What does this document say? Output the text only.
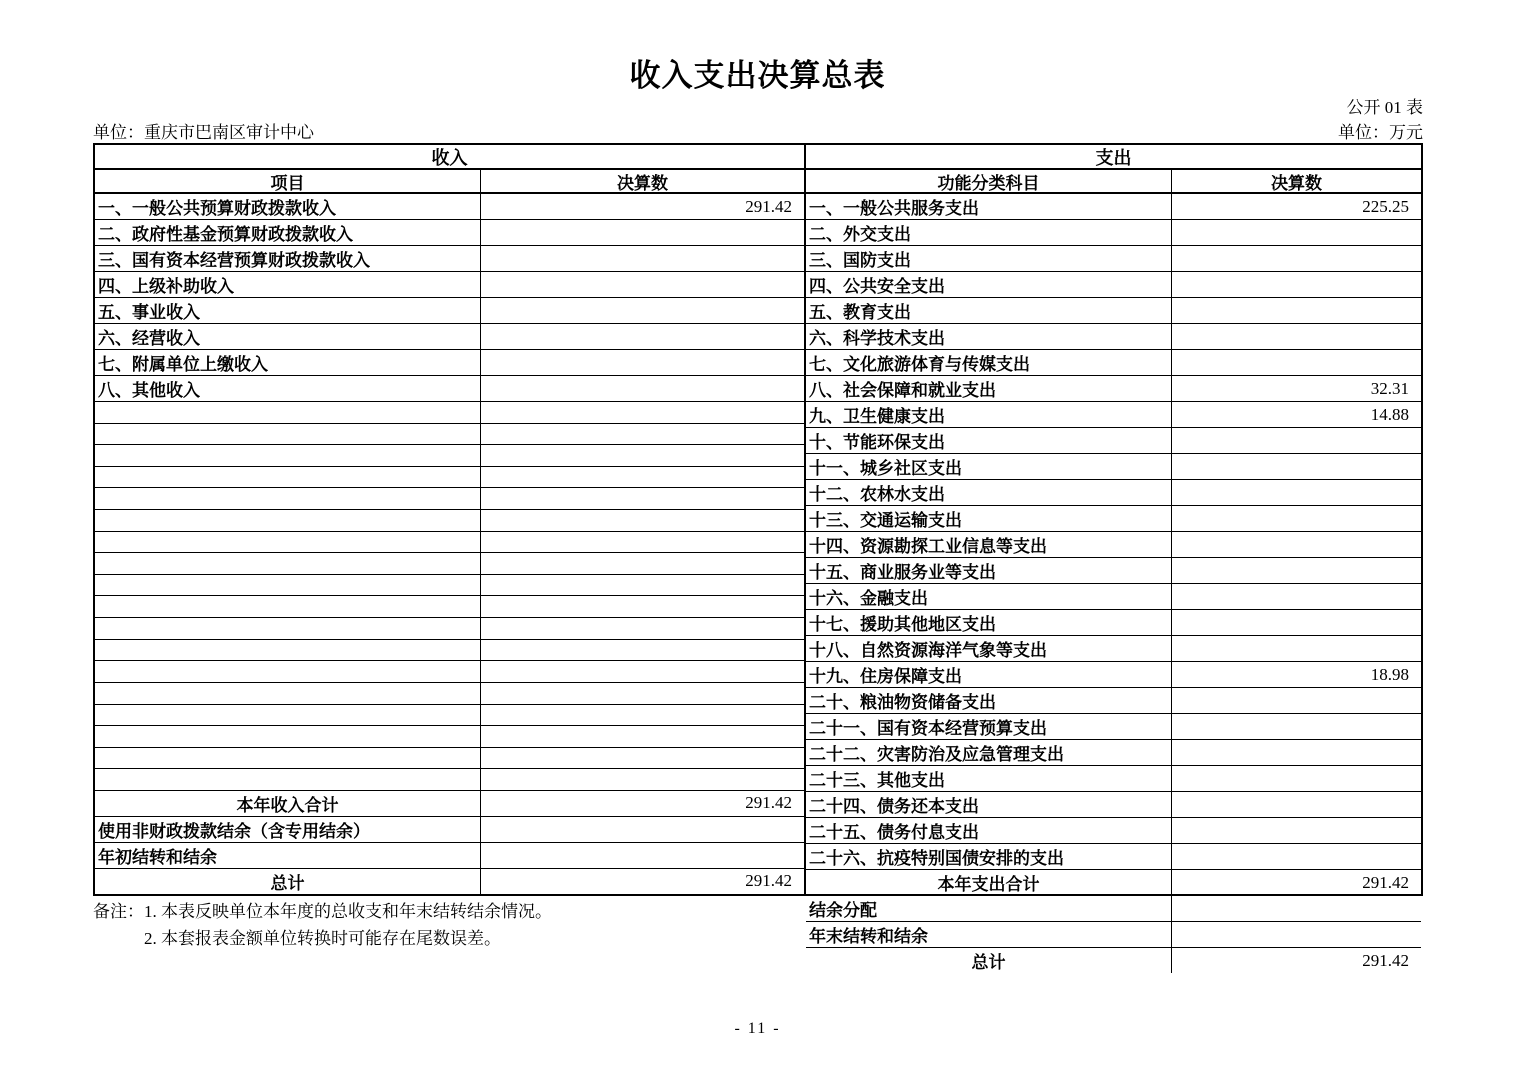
收入支出决算总表
公开 01 表
单位：重庆市巴南区审计中心	单位：万元
收入
项目	决算数
一、一般公共预算财政拨款收入	291.42
二、政府性基金预算财政拨款收入
三、国有资本经营预算财政拨款收入
四、上级补助收入
五、事业收入
六、经营收入
七、附属单位上缴收入
八、其他收入
本年收入合计	291.42
使用非财政拨款结余（含专用结余）
年初结转和结余
总计	291.42
支出
功能分类科目	决算数
一、一般公共服务支出	225.25
二、外交支出
三、国防支出
四、公共安全支出
五、教育支出
六、科学技术支出
七、文化旅游体育与传媒支出
八、社会保障和就业支出	32.31
九、卫生健康支出	14.88
十、节能环保支出
十一、城乡社区支出
十二、农林水支出
十三、交通运输支出
十四、资源勘探工业信息等支出
十五、商业服务业等支出
十六、金融支出
十七、援助其他地区支出
十八、自然资源海洋气象等支出
十九、住房保障支出	18.98
二十、粮油物资储备支出
二十一、国有资本经营预算支出
二十二、灾害防治及应急管理支出
二十三、其他支出
二十四、债务还本支出
二十五、债务付息支出
二十六、抗疫特别国债安排的支出
本年支出合计	291.42
结余分配
年末结转和结余
总计	291.42
备注：1. 本表反映单位本年度的总收支和年末结转结余情况。
2. 本套报表金额单位转换时可能存在尾数误差。
- 11 -
